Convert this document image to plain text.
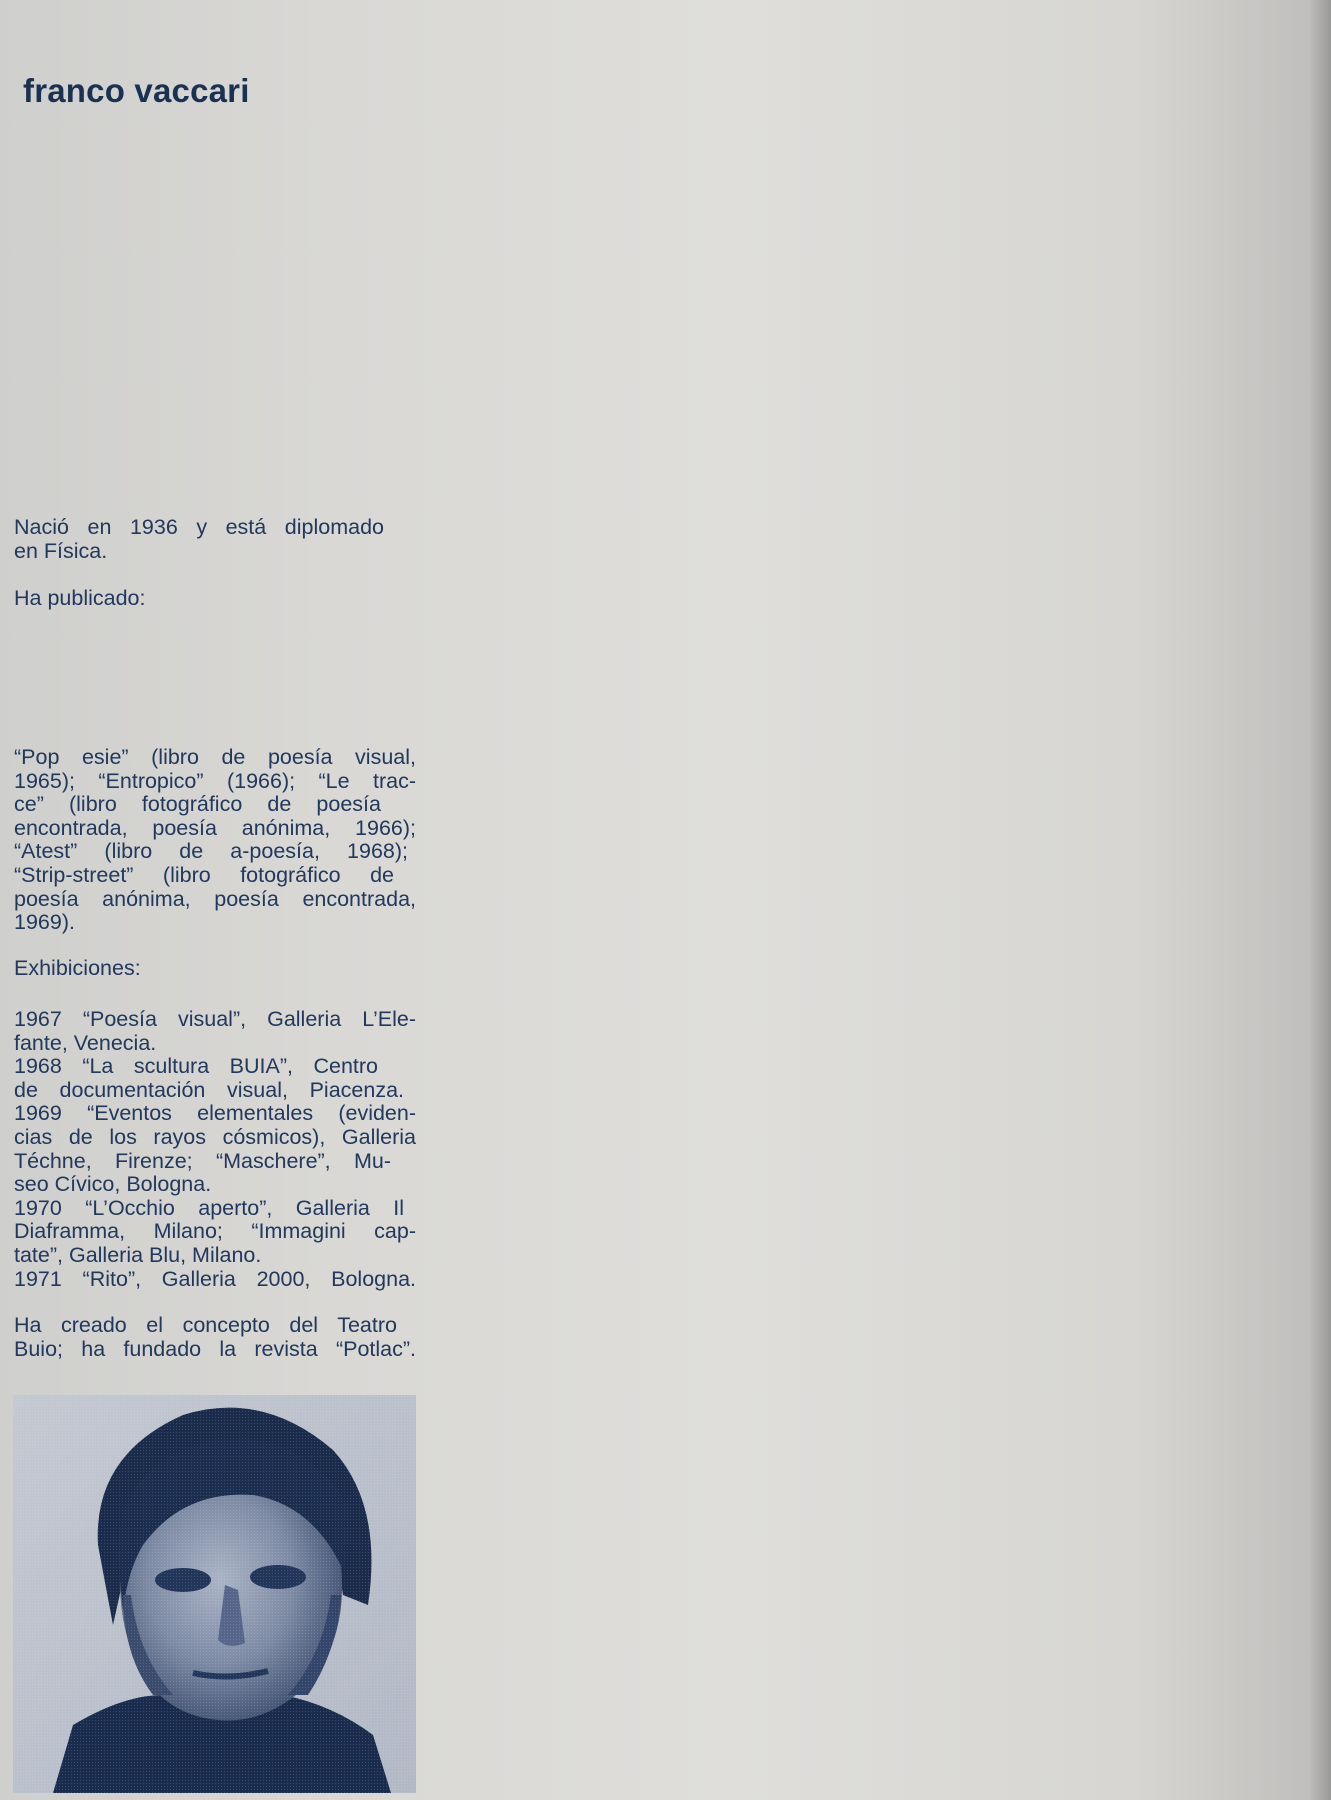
franco vaccari
Nació en 1936 y está diplomado
en Física.
Ha publicado:
“Pop esie” (libro de poesía visual,
1965); “Entropico” (1966); “Le trac-
ce” (libro fotográfico de poesía
encontrada, poesía anónima, 1966);
“Atest” (libro de a-poesía, 1968);
“Strip-street” (libro fotográfico de
poesía anónima, poesía encontrada,
1969).
Exhibiciones:
1967 “Poesía visual”, Galleria L’Ele-
fante, Venecia.
1968 “La scultura BUIA”, Centro
de documentación visual, Piacenza.
1969 “Eventos elementales (eviden-
cias de los rayos cósmicos), Galleria
Téchne, Firenze; “Maschere”, Mu-
seo Cívico, Bologna.
1970 “L’Occhio aperto”, Galleria Il
Diaframma, Milano; “Immagini cap-
tate”, Galleria Blu, Milano.
1971 “Rito”, Galleria 2000, Bologna.
Ha creado el concepto del Teatro
Buio; ha fundado la revista “Potlac”.
